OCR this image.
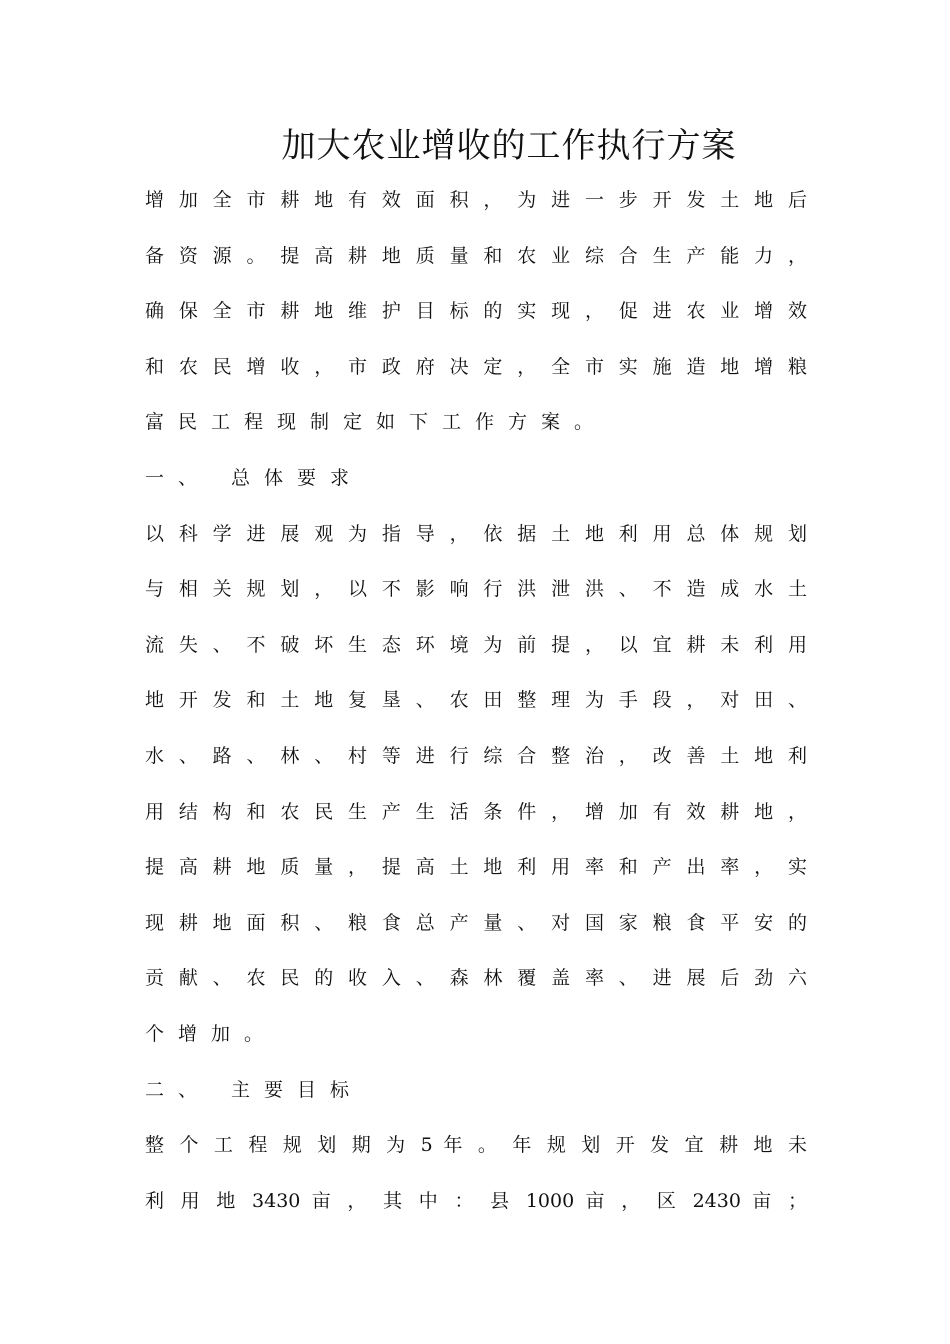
加大农业增收的工作执行方案
增 加 全 市 耕 地 有 效 面 积 ， 为 进 一 步 开 发 土 地 后
备 资 源 。 提 高 耕 地 质 量 和 农 业 综 合 生 产 能 力 ，
确 保 全 市 耕 地 维 护 目 标 的 实 现 ， 促 进 农 业 增 效
和 农 民 增 收 ， 市 政 府 决 定 ， 全 市 实 施 造 地 增 粮
富民工程现制定如下工作方案。
一、 总体要求
以 科 学 进 展 观 为 指 导 ， 依 据 土 地 利 用 总 体 规 划
与 相 关 规 划 ， 以 不 影 响 行 洪 泄 洪 、 不 造 成 水 土
流 失 、 不 破 坏 生 态 环 境 为 前 提 ， 以 宜 耕 未 利 用
地 开 发 和 土 地 复 垦 、 农 田 整 理 为 手 段 ， 对 田 、
水 、 路 、 林 、 村 等 进 行 综 合 整 治 ， 改 善 土 地 利
用 结 构 和 农 民 生 产 生 活 条 件 ， 增 加 有 效 耕 地 ，
提 高 耕 地 质 量 ， 提 高 土 地 利 用 率 和 产 出 率 ， 实
现 耕 地 面 积 、 粮 食 总 产 量 、 对 国 家 粮 食 平 安 的
贡 献 、 农 民 的 收 入 、 森 林 覆 盖 率 、 进 展 后 劲 六
个增加。
二、 主要目标
整 个 工 程 规 划 期 为 5 年 。 年 规 划 开 发 宜 耕 地 未
利 用 地 3430 亩 ， 其 中 ： 县 1000 亩 ， 区 2430 亩 ；
